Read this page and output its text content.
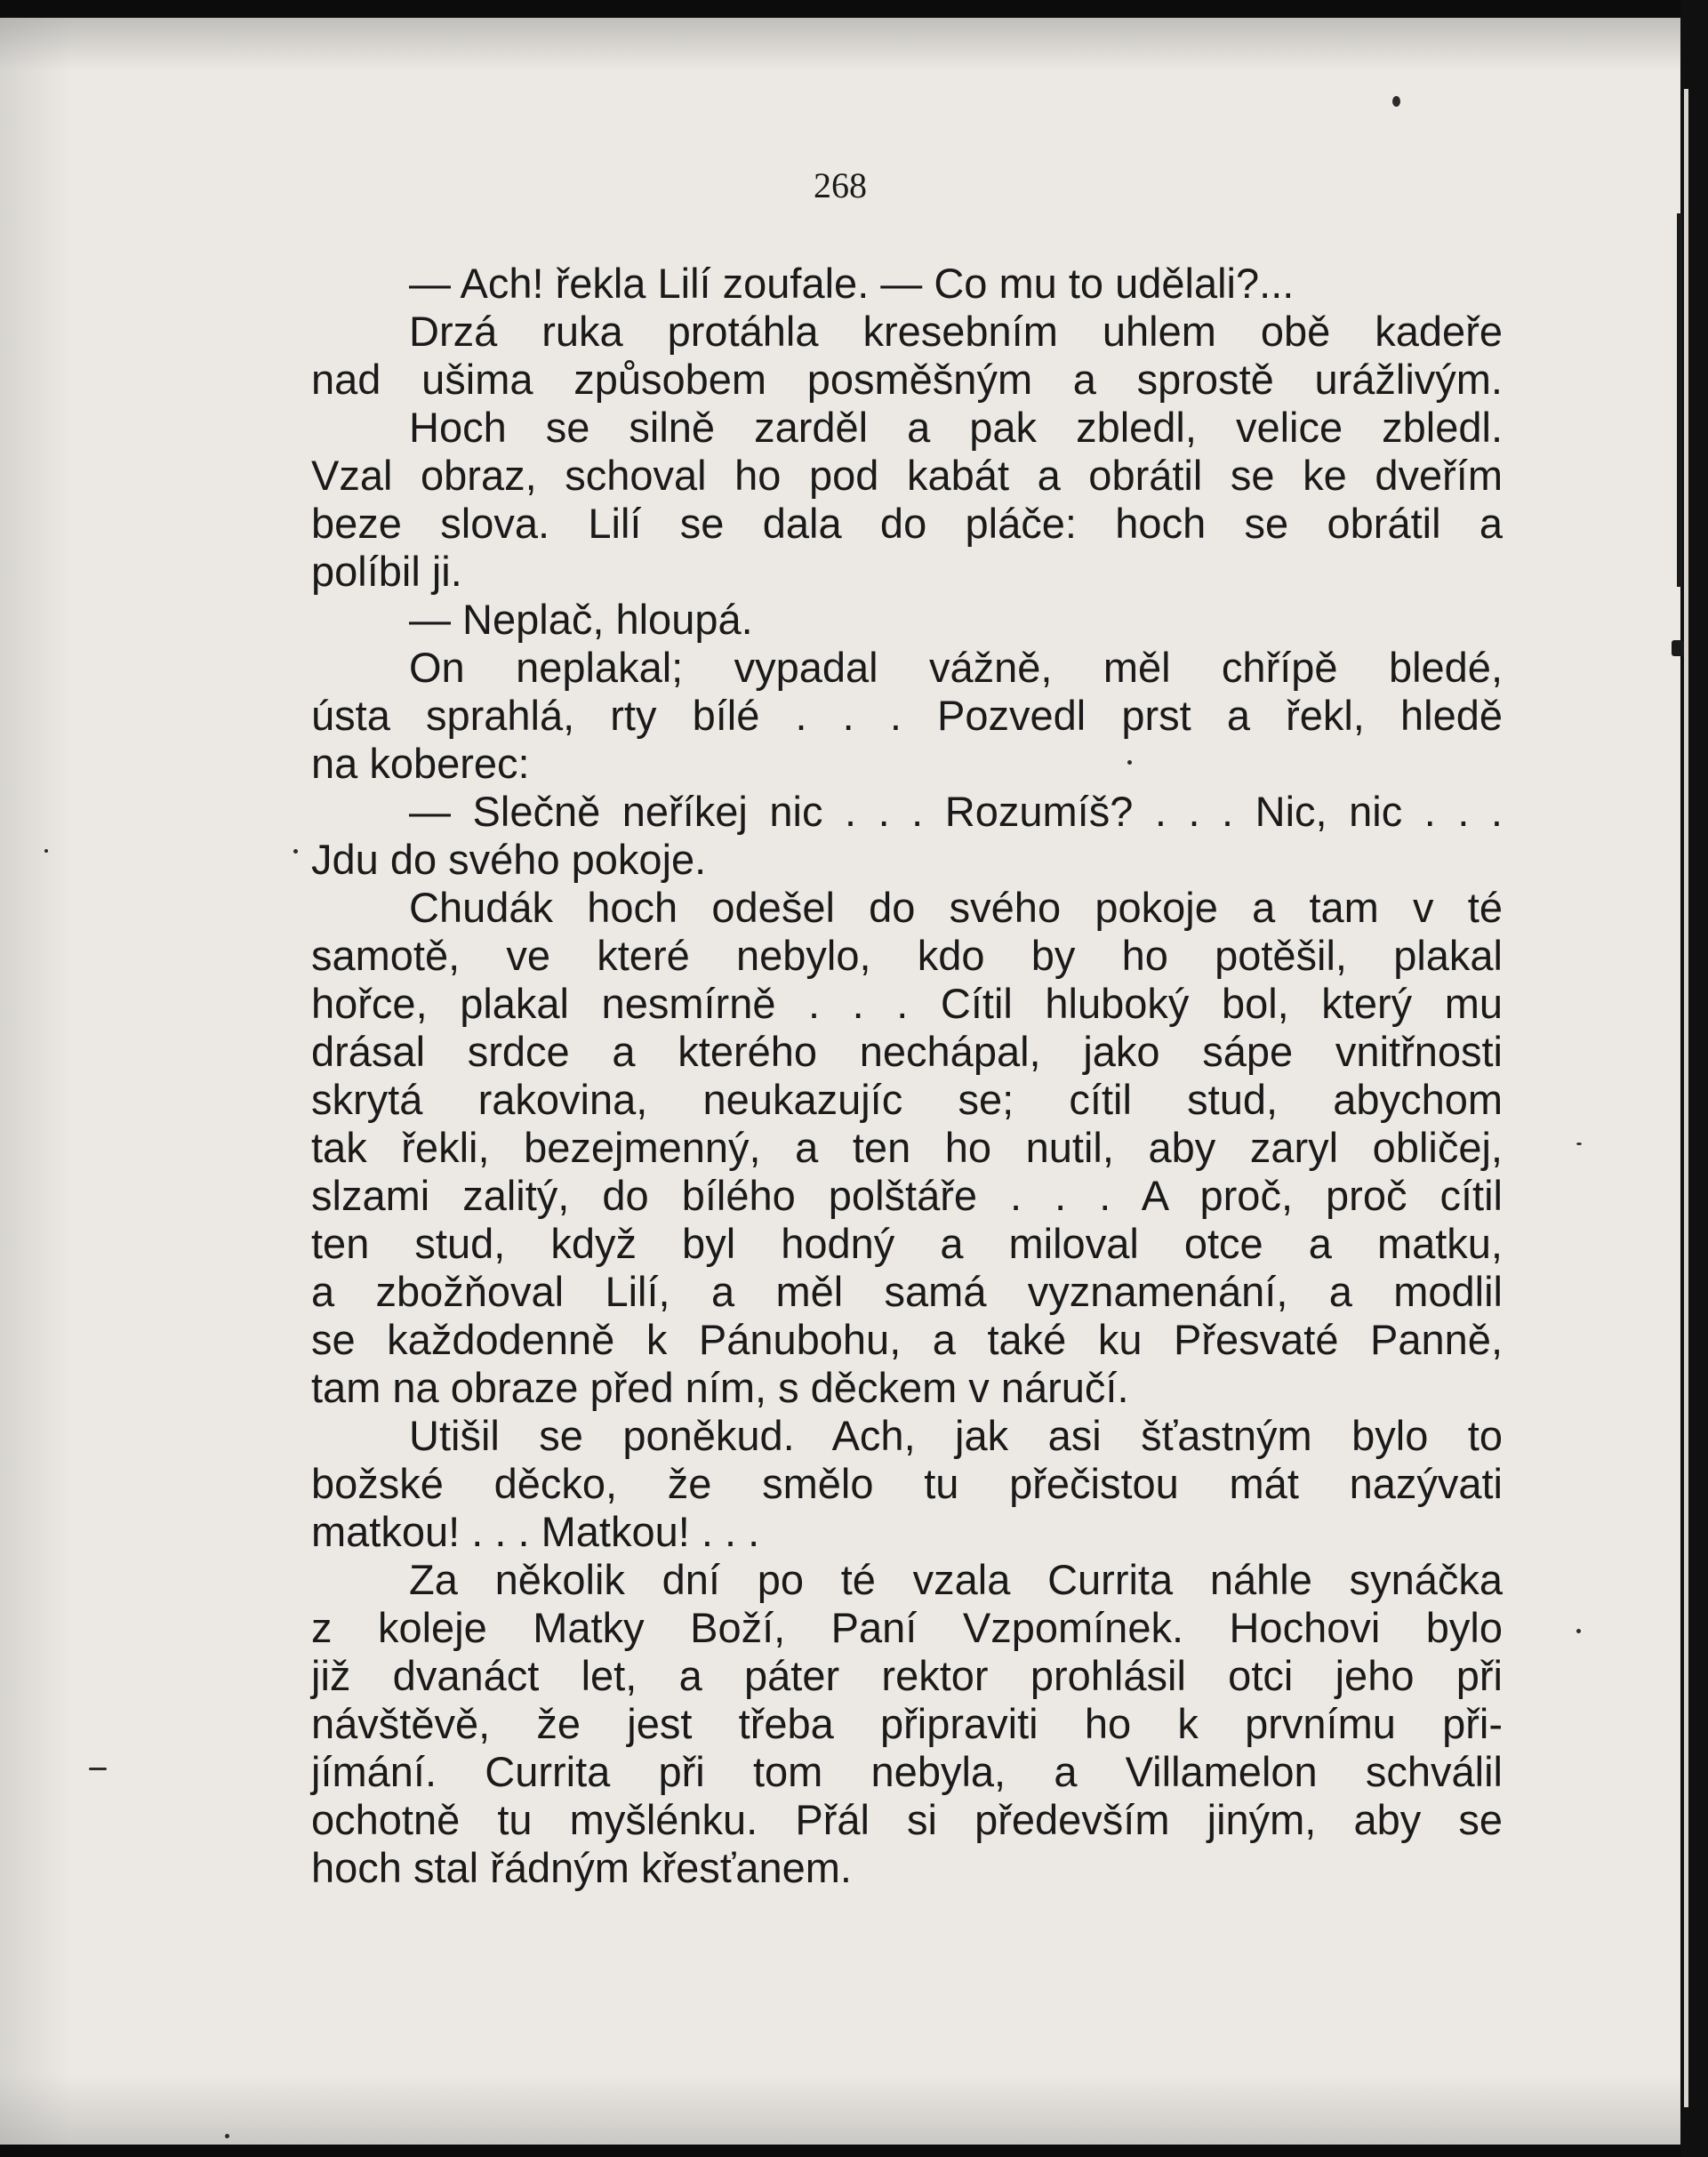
268
— Ach! řekla Lilí zoufale. — Co mu to udělali?...
Drzá ruka protáhla kresebním uhlem obě kadeře
nad ušima způsobem posměšným a sprostě urážlivým.
Hoch se silně zarděl a pak zbledl, velice zbledl.
Vzal obraz, schoval ho pod kabát a obrátil se ke dveřím
beze slova. Lilí se dala do pláče: hoch se obrátil a
políbil ji.
— Neplač, hloupá.
On neplakal; vypadal vážně, měl chřípě bledé,
ústa sprahlá, rty bílé . . . Pozvedl prst a řekl, hledě
na koberec:
— Slečně neříkej nic . . . Rozumíš? . . . Nic, nic . . .
Jdu do svého pokoje.
Chudák hoch odešel do svého pokoje a tam v té
samotě, ve které nebylo, kdo by ho potěšil, plakal
hořce, plakal nesmírně . . . Cítil hluboký bol, který mu
drásal srdce a kterého nechápal, jako sápe vnitřnosti
skrytá rakovina, neukazujíc se; cítil stud, abychom
tak řekli, bezejmenný, a ten ho nutil, aby zaryl obličej,
slzami zalitý, do bílého polštáře . . . A proč, proč cítil
ten stud, když byl hodný a miloval otce a matku,
a zbožňoval Lilí, a měl samá vyznamenání, a modlil
se každodenně k Pánubohu, a také ku Přesvaté Panně,
tam na obraze před ním, s děckem v náručí.
Utišil se poněkud. Ach, jak asi šťastným bylo to
božské děcko, že smělo tu přečistou mát nazývati
matkou! . . . Matkou! . . .
Za několik dní po té vzala Currita náhle synáčka
z koleje Matky Boží, Paní Vzpomínek. Hochovi bylo
již dvanáct let, a páter rektor prohlásil otci jeho při
návštěvě, že jest třeba připraviti ho k prvnímu při-
jímání. Currita při tom nebyla, a Villamelon schválil
ochotně tu myšlénku. Přál si především jiným, aby se
hoch stal řádným křesťanem.
